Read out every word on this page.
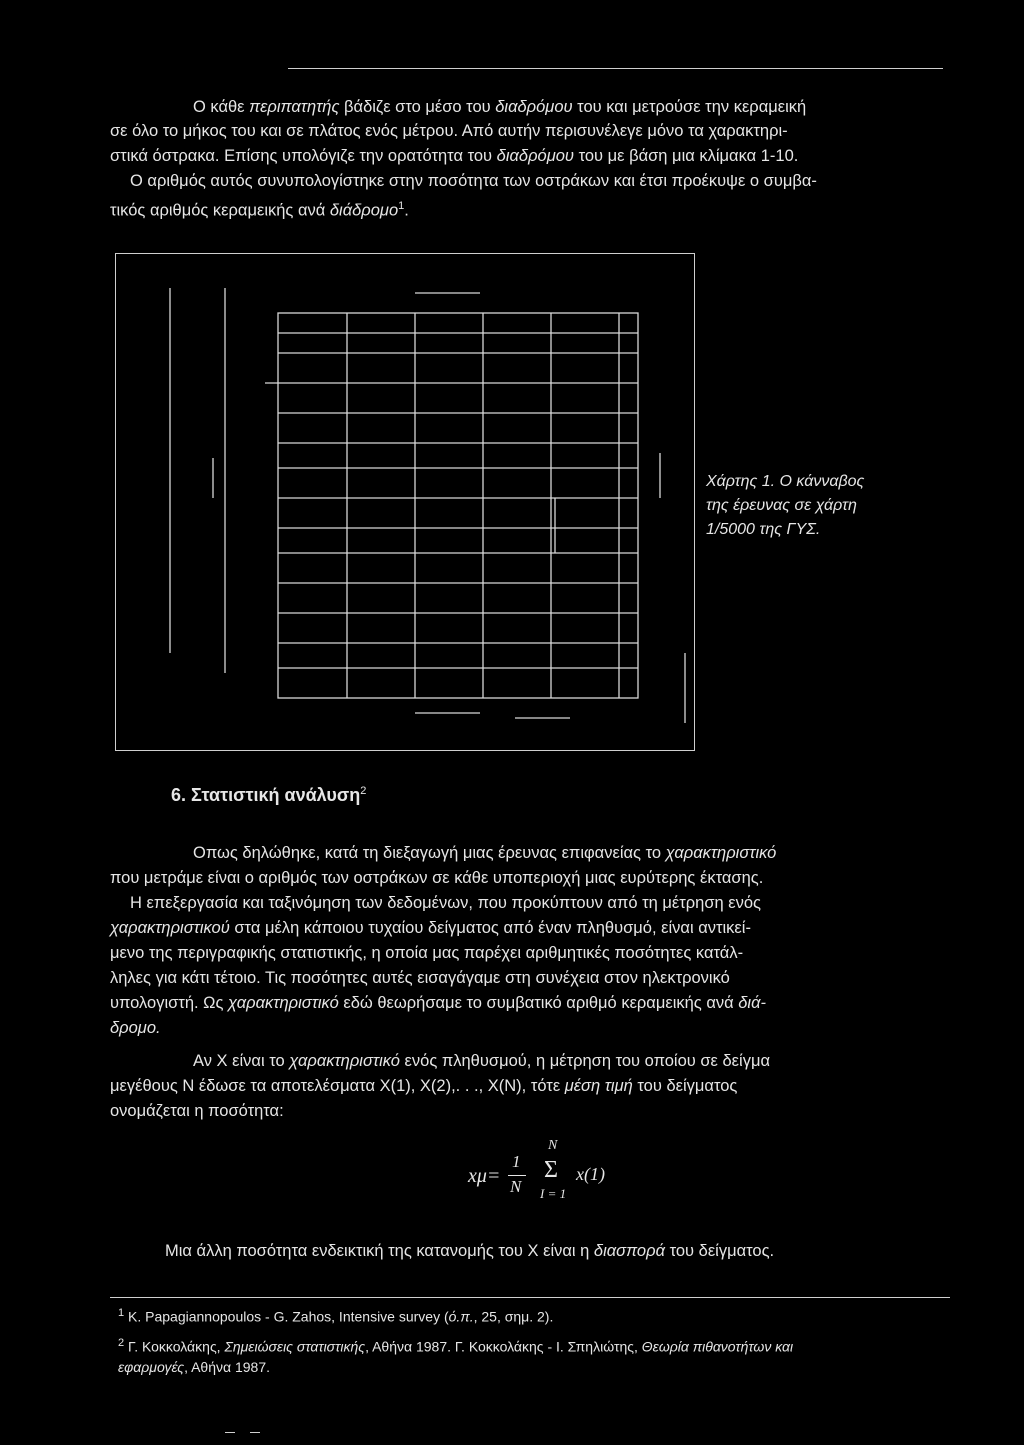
Ο κάθε περιπατητής βάδιζε στο μέσο του διαδρόμου του και μετρούσε την κεραμεική

σε όλο το μήκος του και σε πλάτος ενός μέτρου. Από αυτήν περισυνέλεγε μόνο τα χαρακτηρι-

στικά όστρακα. Επίσης υπολόγιζε την ορατότητα του διαδρόμου του με βάση μια κλίμακα 1-10.

Ο αριθμός αυτός συνυπολογίστηκε στην ποσότητα των οστράκων και έτσι προέκυψε ο συμβα-

τικός αριθμός κεραμεικής ανά διάδρομο$^1$.

Χάρτης 1. Ο κάνναβος
της έρευνας σε χάρτη
1/5000 της ΓΥΣ.
6. Στατιστική ανάλυση$^2$

Οπως δηλώθηκε, κατά τη διεξαγωγή μιας έρευνας επιφανείας το χαρακτηριστικό

που μετράμε είναι ο αριθμός των οστράκων σε κάθε υποπεριοχή μιας ευρύτερης έκτασης.

Η επεξεργασία και ταξινόμηση των δεδομένων, που προκύπτουν από τη μέτρηση ενός

χαρακτηριστικού στα μέλη κάποιου τυχαίου δείγματος από έναν πληθυσμό, είναι αντικεί-

μενο της περιγραφικής στατιστικής, η οποία μας παρέχει αριθμητικές ποσότητες κατάλ-

ληλες για κάτι τέτοιο. Τις ποσότητες αυτές εισαγάγαμε στη συνέχεια στον ηλεκτρονικό

υπολογιστή. Ως χαρακτηριστικό εδώ θεωρήσαμε το συμβατικό αριθμό κεραμεικής ανά διά-

δρομο.

Αν Χ είναι το χαρακτηριστικό ενός πληθυσμού, η μέτρηση του οποίου σε δείγμα

μεγέθους Ν έδωσε τα αποτελέσματα Χ(1), Χ(2),. . ., Χ(Ν), τότε μέση τιμή του δείγματος

ονομάζεται η ποσότητα:

xμ=
1
N
N
Σ
I = 1
x(1)

Μια άλλη ποσότητα ενδεικτική της κατανομής του Χ είναι η διασπορά του δείγματος.

$^1$ K. Papagiannopoulos - G. Zahos, Intensive survey (ό.π., 25, σημ. 2).
$^2$ Γ. Κοκκολάκης, Σημειώσεις στατιστικής, Αθήνα 1987. Γ. Κοκκολάκης - Ι. Σπηλιώτης, Θεωρία πιθανοτήτων και
εφαρμογές, Αθήνα 1987.
